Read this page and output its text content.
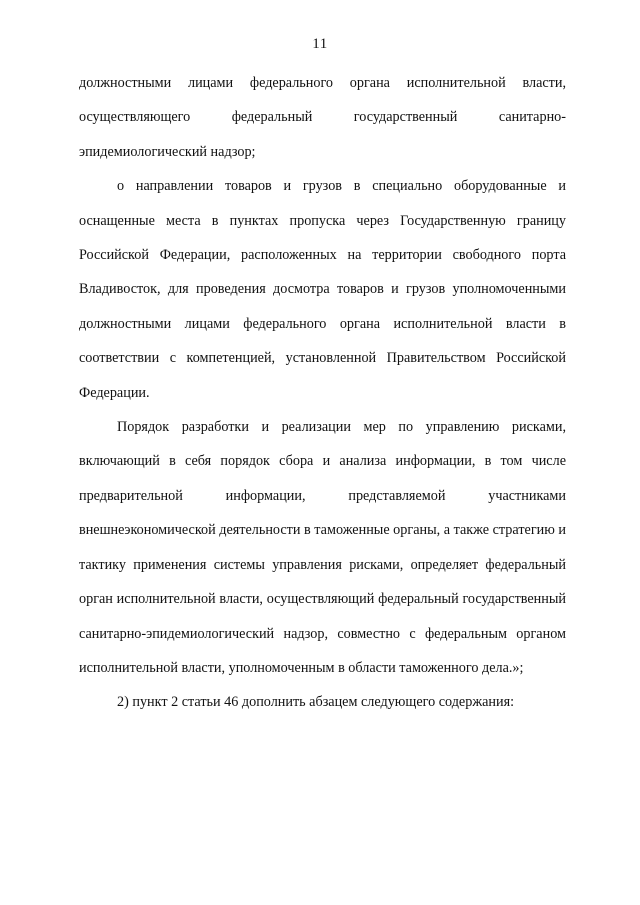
11

должностными лицами федерального органа исполнительной власти, осуществляющего федеральный государственный санитарно-эпидемиологический надзор;

о направлении товаров и грузов в специально оборудованные и оснащенные места в пунктах пропуска через Государственную границу Российской Федерации, расположенных на территории свободного порта Владивосток, для проведения досмотра товаров и грузов уполномоченными должностными лицами федерального органа исполнительной власти в соответствии с компетенцией, установленной Правительством Российской Федерации.

Порядок разработки и реализации мер по управлению рисками, включающий в себя порядок сбора и анализа информации, в том числе предварительной информации, представляемой участниками внешнеэкономической деятельности в таможенные органы, а также стратегию и тактику применения системы управления рисками, определяет федеральный орган исполнительной власти, осуществляющий федеральный государственный санитарно-эпидемиологический надзор, совместно с федеральным органом исполнительной власти, уполномоченным в области таможенного дела.»;

2) пункт 2 статьи 46 дополнить абзацем следующего содержания:
